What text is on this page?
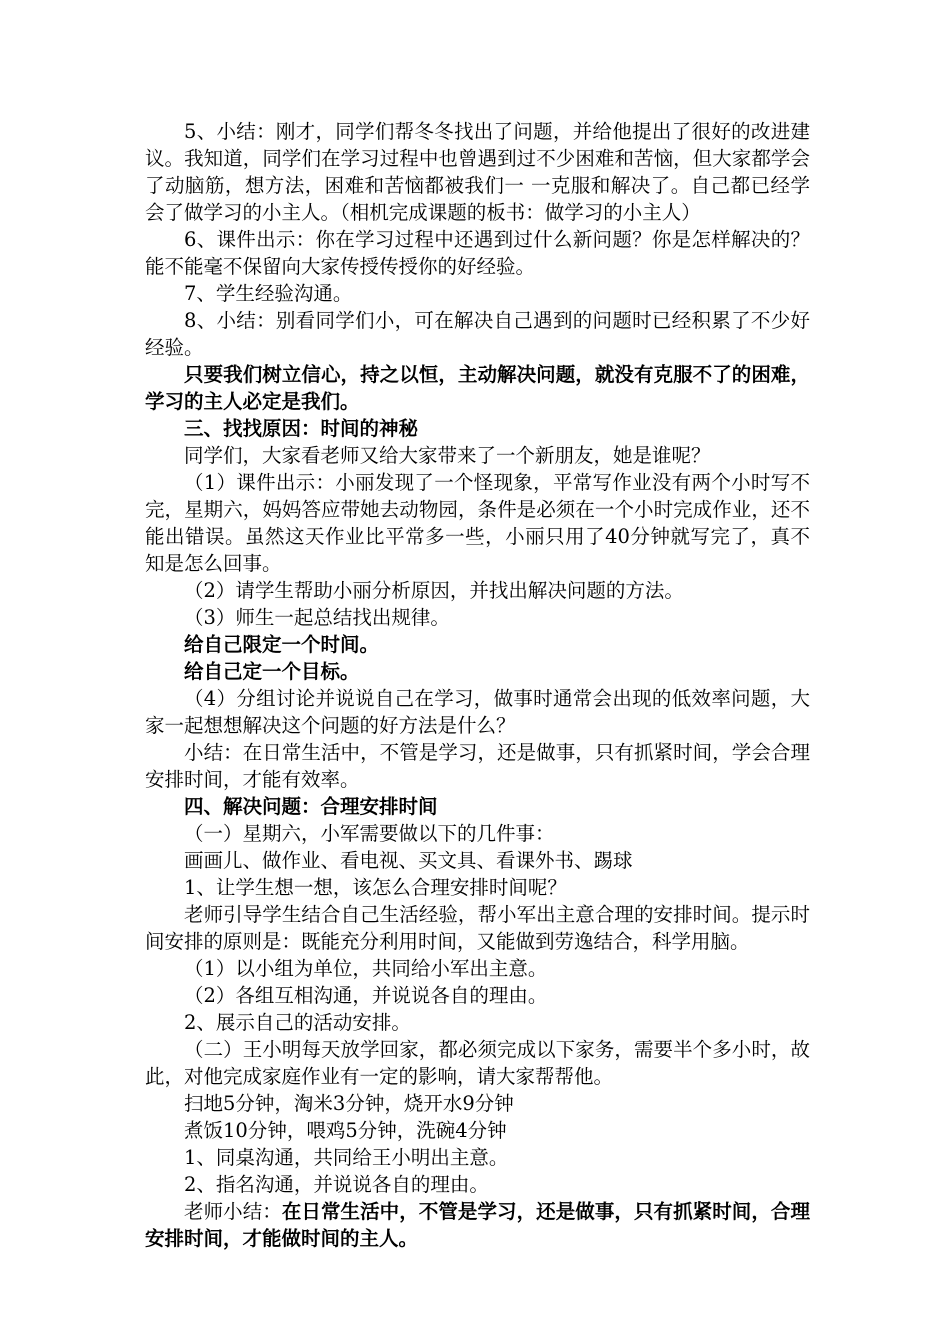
5、小结：刚才，同学们帮冬冬找出了问题，并给他提出了很好的改进建议。我知道，同学们在学习过程中也曾遇到过不少困难和苦恼，但大家都学会了动脑筋，想方法，困难和苦恼都被我们一 一克服和解决了。自己都已经学会了做学习的小主人。（相机完成课题的板书：做学习的小主人）

6、课件出示：你在学习过程中还遇到过什么新问题？你是怎样解决的？能不能毫不保留向大家传授传授你的好经验。

7、学生经验沟通。

8、小结：别看同学们小，可在解决自己遇到的问题时已经积累了不少好经验。

只要我们树立信心，持之以恒，主动解决问题，就没有克服不了的困难，学习的主人必定是我们。

三、找找原因：时间的神秘

同学们，大家看老师又给大家带来了一个新朋友，她是谁呢？

（1）课件出示：小丽发现了一个怪现象，平常写作业没有两个小时写不完，星期六，妈妈答应带她去动物园，条件是必须在一个小时完成作业，还不能出错误。虽然这天作业比平常多一些，小丽只用了40分钟就写完了，真不知是怎么回事。

（2）请学生帮助小丽分析原因，并找出解决问题的方法。

（3）师生一起总结找出规律。

给自己限定一个时间。

给自己定一个目标。

（4）分组讨论并说说自己在学习，做事时通常会出现的低效率问题，大家一起想想解决这个问题的好方法是什么？

小结：在日常生活中，不管是学习，还是做事，只有抓紧时间，学会合理安排时间，才能有效率。

四、解决问题：合理安排时间

（一）星期六，小军需要做以下的几件事：

画画儿、做作业、看电视、买文具、看课外书、踢球

1、让学生想一想，该怎么合理安排时间呢？

老师引导学生结合自己生活经验，帮小军出主意合理的安排时间。提示时间安排的原则是：既能充分利用时间，又能做到劳逸结合，科学用脑。

（1）以小组为单位，共同给小军出主意。

（2）各组互相沟通，并说说各自的理由。

2、展示自己的活动安排。

（二）王小明每天放学回家，都必须完成以下家务，需要半个多小时，故此，对他完成家庭作业有一定的影响，请大家帮帮他。

扫地5分钟，淘米3分钟，烧开水9分钟

煮饭10分钟，喂鸡5分钟，洗碗4分钟

1、同桌沟通，共同给王小明出主意。

2、指名沟通，并说说各自的理由。

老师小结：在日常生活中，不管是学习，还是做事，只有抓紧时间，合理安排时间，才能做时间的主人。
